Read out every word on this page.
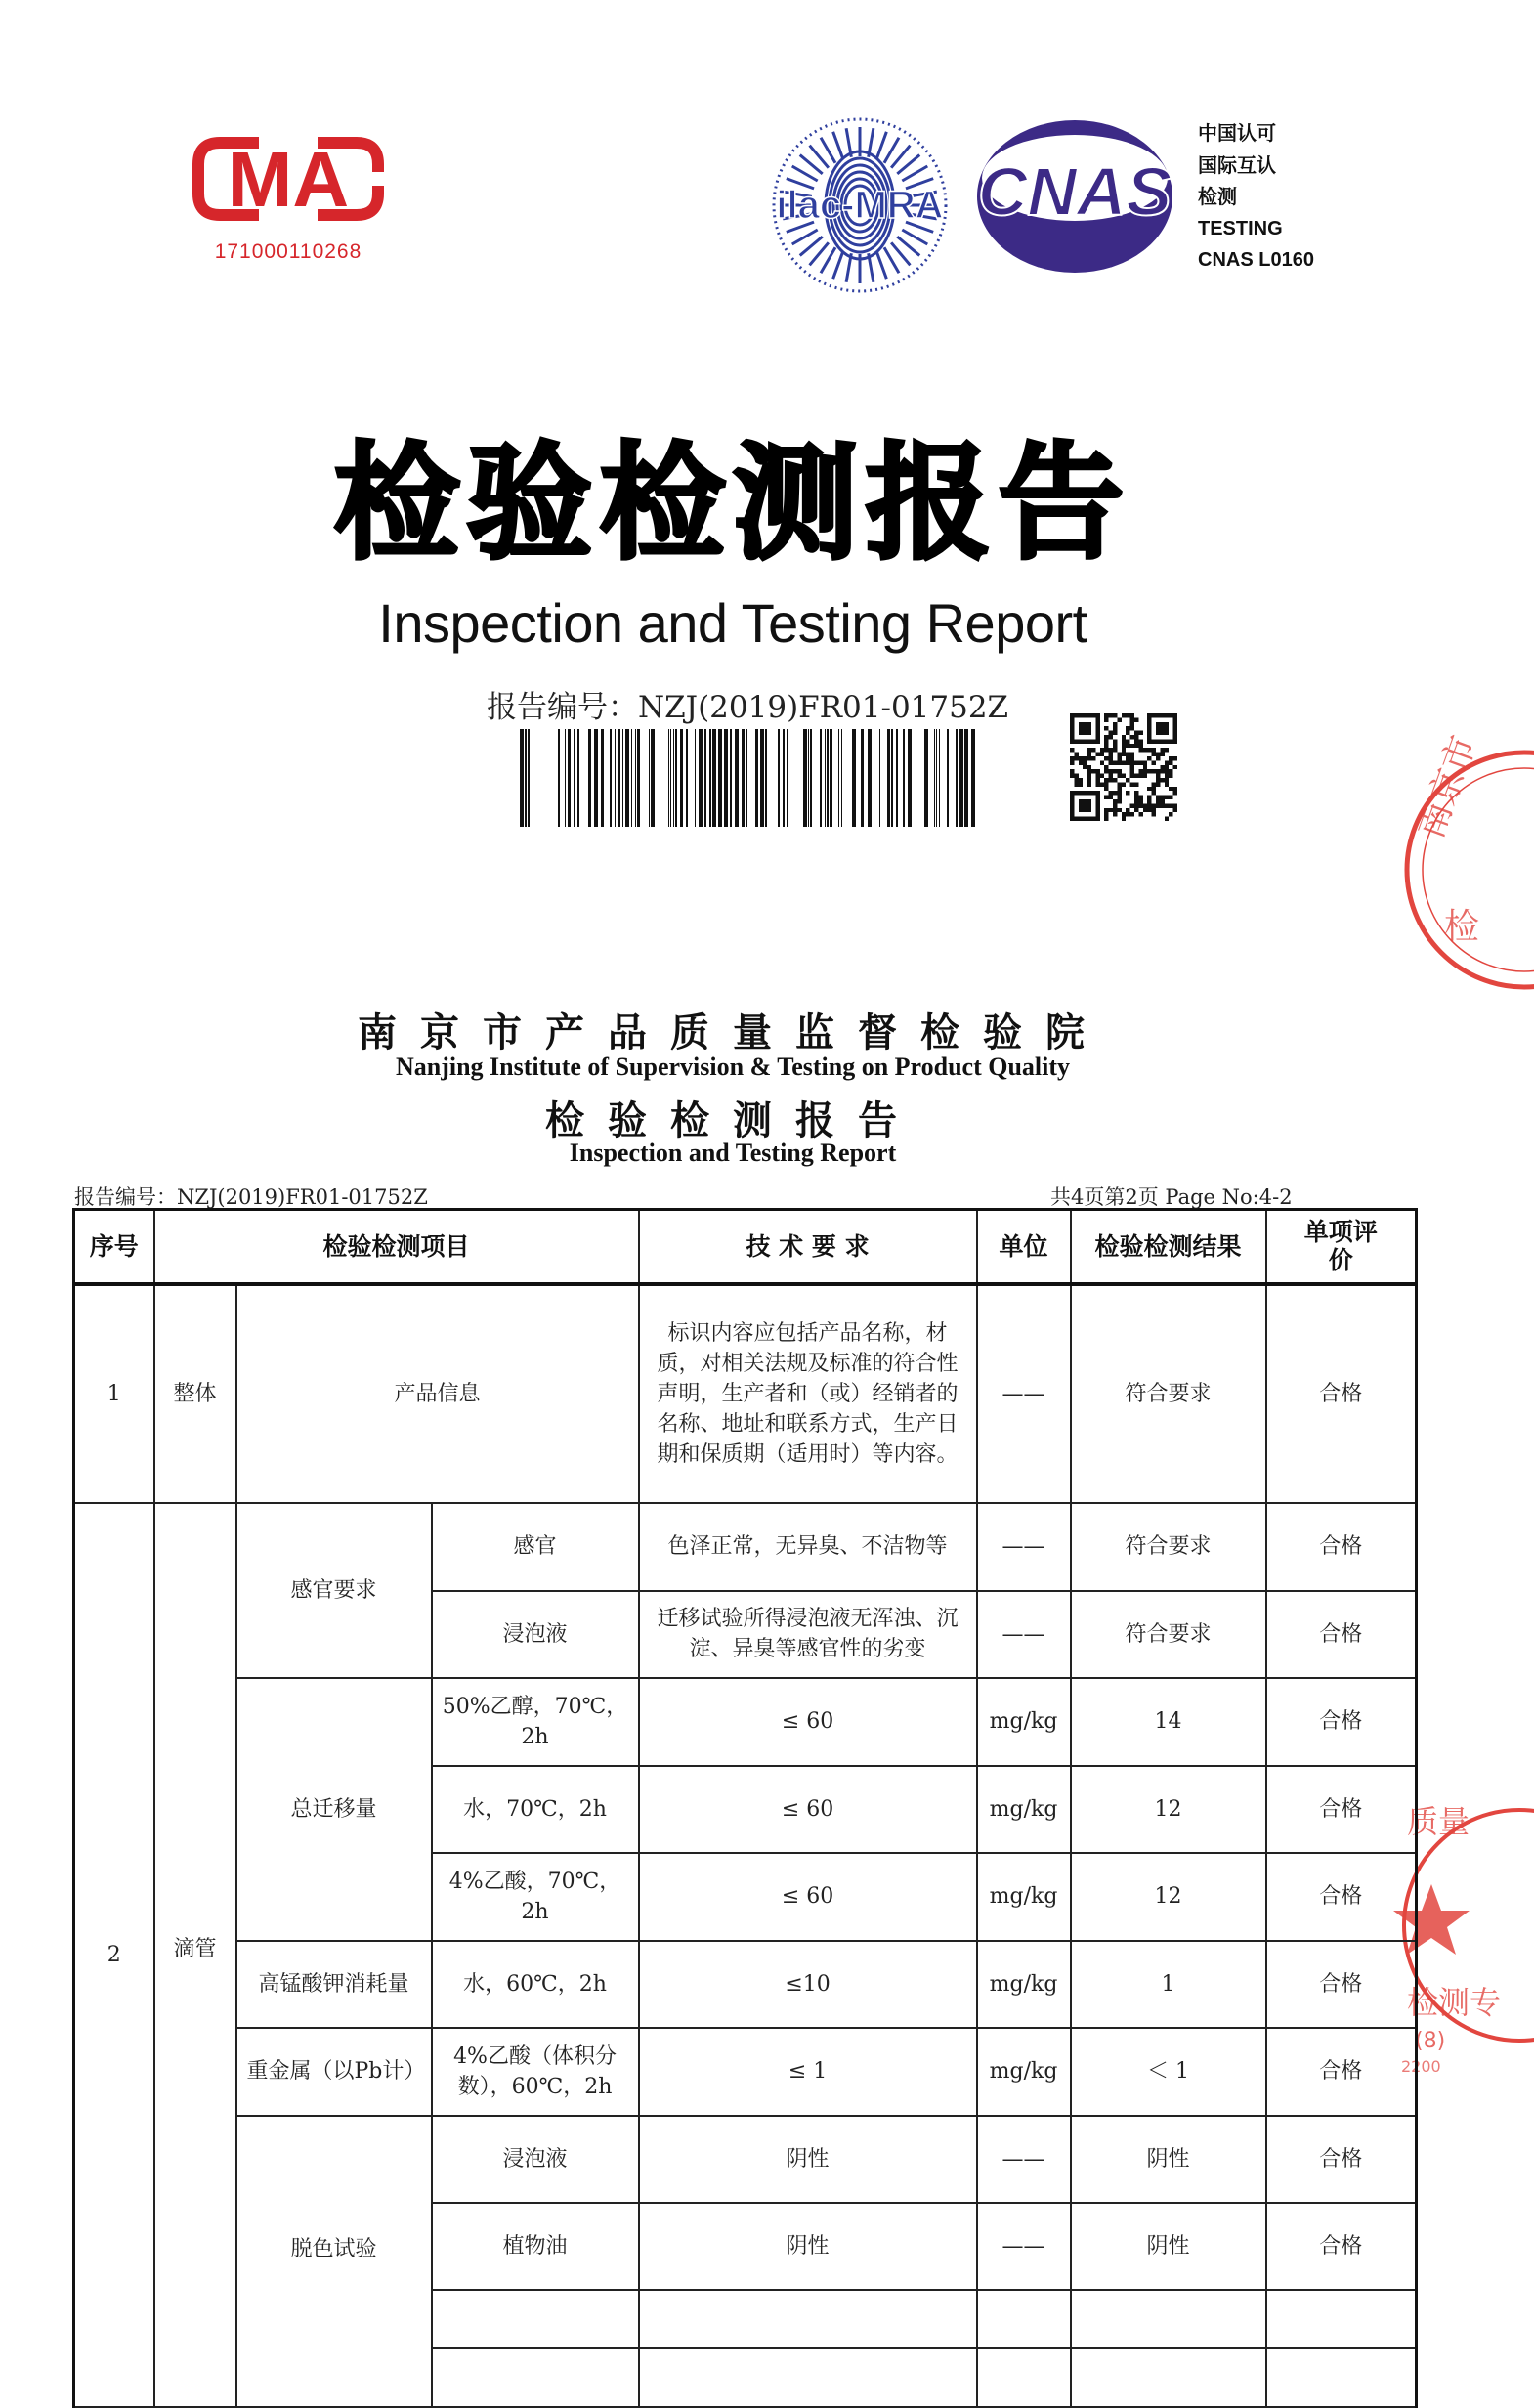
MA
171000110268
ilac-MRA CNAS
中国认可
国际互认
检测
TESTING
CNAS L0160
检验检测报告
Inspection and Testing Report
报告编号：NZJ(2019)FR01-01752Z
南京市
检
质量
检测专
(8)
2200
南京市产品质量监督检验院
Nanjing Institute of Supervision & Testing on Product Quality
检验检测报告
Inspection and Testing Report
报告编号：NZJ(2019)FR01-01752Z	共4页第2页 Page No:4-2
序号	检验检测项目			技 术 要 求	单位	检验检测结果	单项评价
1	整体	产品信息		标识内容应包括产品名称，材质，对相关法规及标准的符合性声明，生产者和（或）经销者的名称、地址和联系方式，生产日期和保质期（适用时）等内容。	——	符合要求	合格
2	滴管	感官要求	感官	色泽正常，无异臭、不洁物等	——	符合要求	合格
			浸泡液	迁移试验所得浸泡液无浑浊、沉淀、异臭等感官性的劣变	——	符合要求	合格
		总迁移量	50%乙醇，70℃，2h	≤ 60	mg/kg	14	合格
			水，70℃，2h	≤ 60	mg/kg	12	合格
			4%乙酸，70℃，2h	≤ 60	mg/kg	12	合格
		高锰酸钾消耗量	水，60℃，2h	≤10	mg/kg	1	合格
		重金属（以Pb计）	4%乙酸（体积分数），60℃，2h	≤ 1	mg/kg	＜ 1	合格
		脱色试验	浸泡液	阴性	——	阴性	合格
			植物油	阴性	——	阴性	合格
